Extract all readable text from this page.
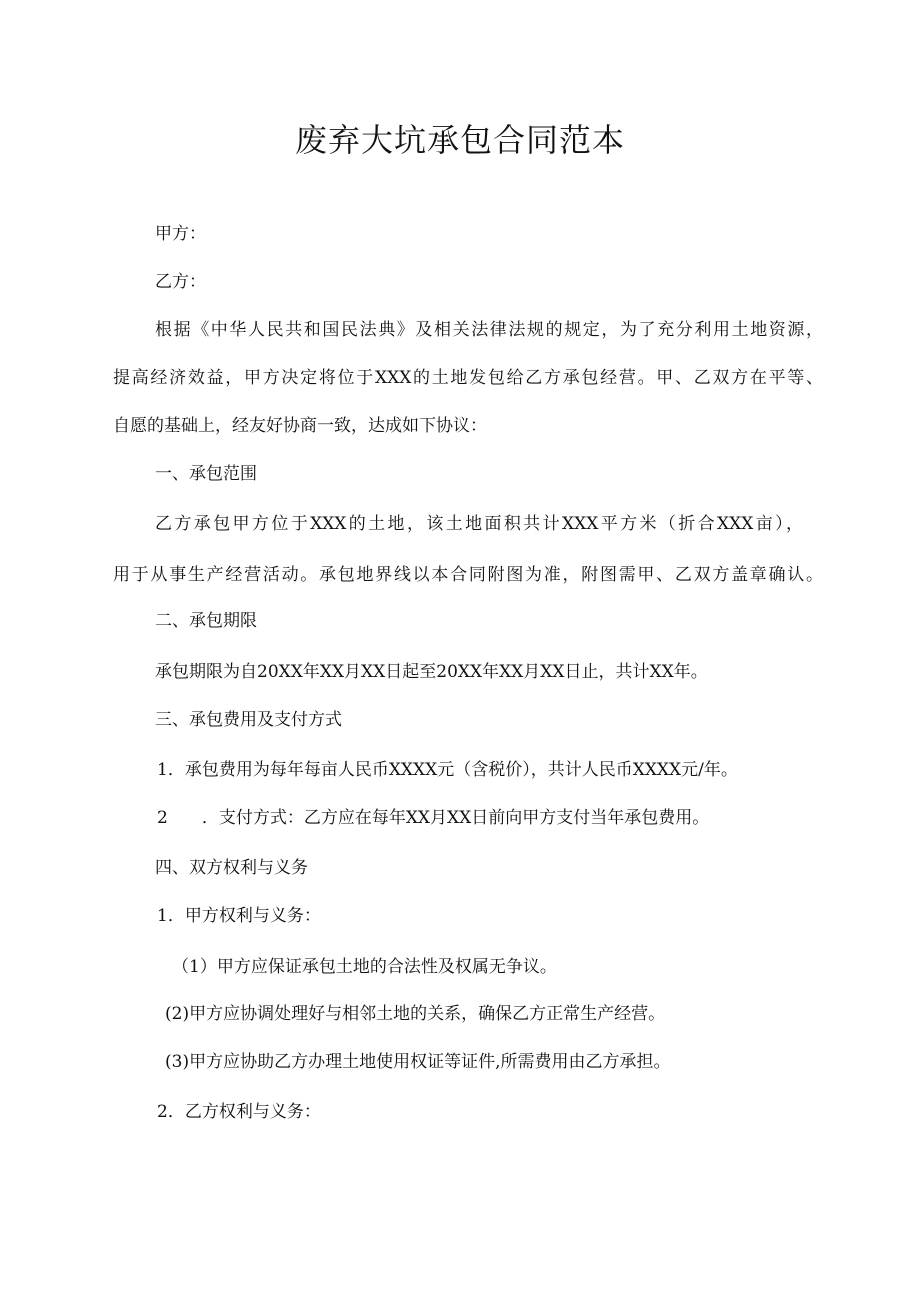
废弃大坑承包合同范本

甲方：

乙方：

根据《中华人民共和国民法典》及相关法律法规的规定，为了充分利用土地资源，

提高经济效益，甲方决定将位于XXX的土地发包给乙方承包经营。甲、乙双方在平等、

自愿的基础上，经友好协商一致，达成如下协议：

一、承包范围

乙方承包甲方位于XXX的土地，该土地面积共计XXX平方米（折合XXX亩），

用于从事生产经营活动。承包地界线以本合同附图为准，附图需甲、乙双方盖章确认。

二、承包期限

承包期限为自20XX年XX月XX日起至20XX年XX月XX日止，共计XX年。

三、承包费用及支付方式

1．承包费用为每年每亩人民币XXXX元（含税价），共计人民币XXXX元/年。

2　　．支付方式：乙方应在每年XX月XX日前向甲方支付当年承包费用。

四、双方权利与义务

1．甲方权利与义务：

（1）甲方应保证承包土地的合法性及权属无争议。

(2)甲方应协调处理好与相邻土地的关系，确保乙方正常生产经营。

(3)甲方应协助乙方办理土地使用权证等证件,所需费用由乙方承担。

2．乙方权利与义务：
